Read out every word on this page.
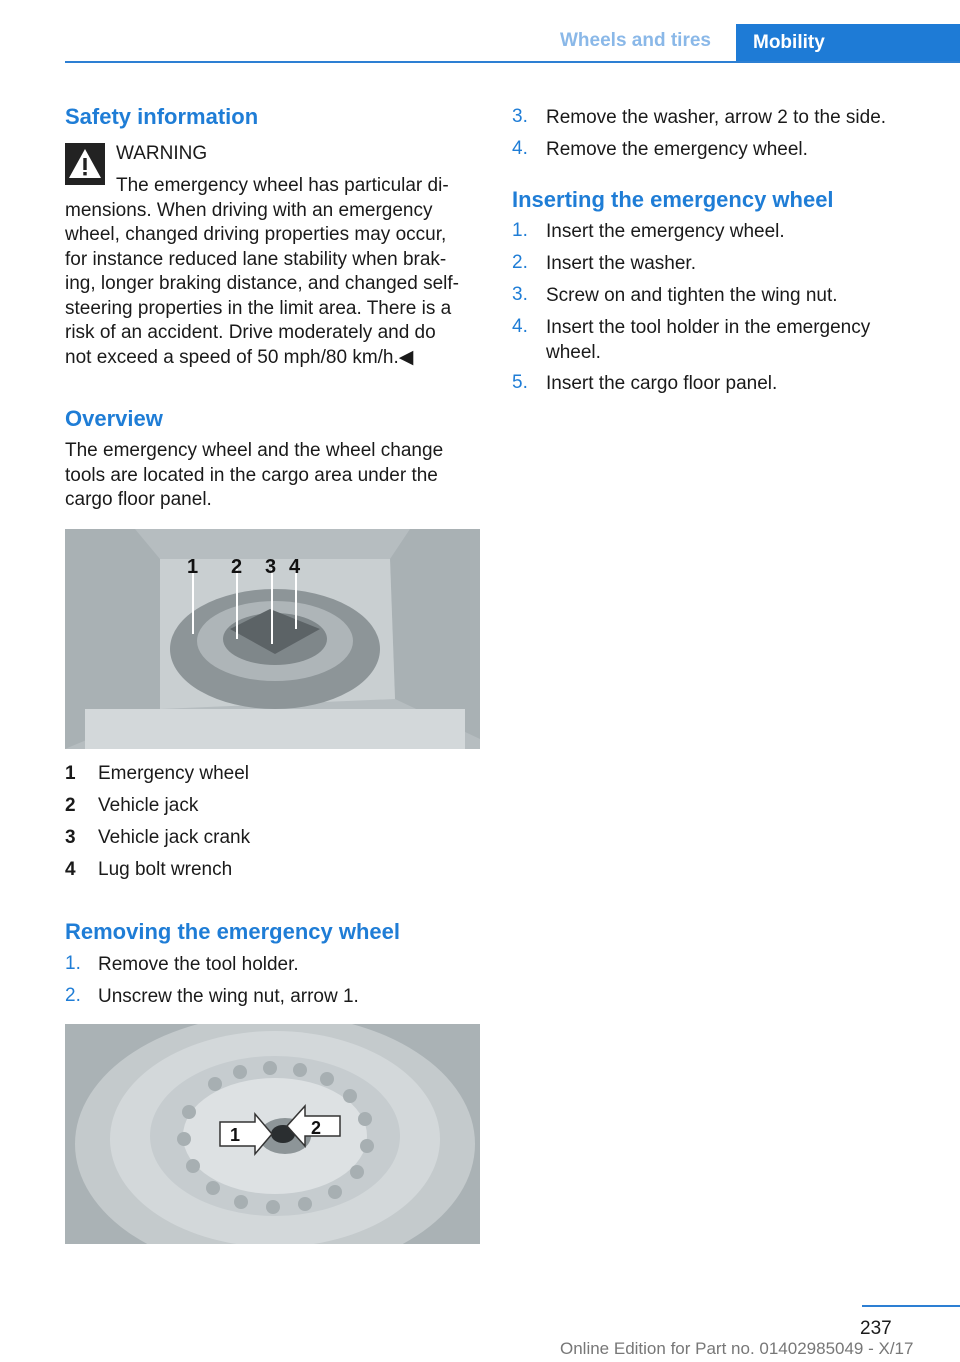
Wheels and tires	Mobility
Safety information

WARNING

The emergency wheel has particular di‐

mensions. When driving with an emergency

wheel, changed driving properties may occur,

for instance reduced lane stability when brak‐

ing, longer braking distance, and changed self-

steering properties in the limit area. There is a

risk of an accident. Drive moderately and do

not exceed a speed of 50 mph/80 km/h.◀

Overview

The emergency wheel and the wheel change

tools are located in the cargo area under the

cargo floor panel.

1 2 3 4
1 Emergency wheel
2 Vehicle jack
3 Vehicle jack crank
4 Lug bolt wrench
Removing the emergency wheel
1. Remove the tool holder.
2. Unscrew the wing nut, arrow 1.
1	2
3. Remove the washer, arrow 2 to the side.
4. Remove the emergency wheel.
Inserting the emergency wheel
1. Insert the emergency wheel.
2. Insert the washer.
3. Screw on and tighten the wing nut.
4. Insert the tool holder in the emergency
wheel.
5. Insert the cargo floor panel.
237
Online Edition for Part no. 01402985049 - X/17
